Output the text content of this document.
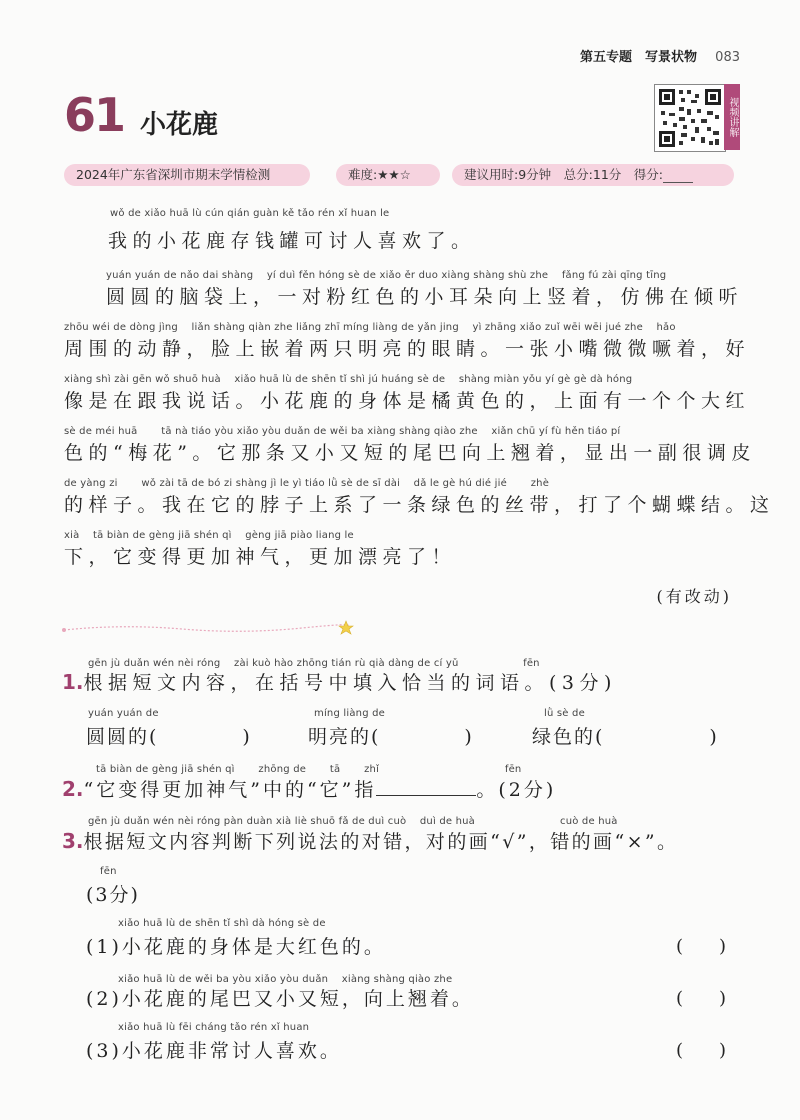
第五专题　写景状物 083
61 小花鹿	视频讲解
2024年广东省深圳市期末学情检测	难度:★★☆	建议用时:9分钟　总分:11分　得分:
wǒ de xiǎo huā lù cún qián guàn kě tǎo rén xǐ huan le
我的小花鹿存钱罐可讨人喜欢了。
yuán yuán de nǎo dai shàng　 yí duì fěn hóng sè de xiǎo ěr duo xiàng shàng shù zhe　 fǎng fú zài qīng tīng
圆圆的脑袋上，一对粉红色的小耳朵向上竖着，仿佛在倾听
zhōu wéi de dòng jìng　 liǎn shàng qiàn zhe liǎng zhī míng liàng de yǎn jing　 yì zhāng xiǎo zuǐ wēi wēi jué zhe　 hǎo
周围的动静，脸上嵌着两只明亮的眼睛。一张小嘴微微噘着，好
xiàng shì zài gēn wǒ shuō huà　 xiǎo huā lù de shēn tǐ shì jú huáng sè de　 shàng miàn yǒu yí gè gè dà hóng
像是在跟我说话。小花鹿的身体是橘黄色的，上面有一个个大红
sè de méi huā　　 tā nà tiáo yòu xiǎo yòu duǎn de wěi ba xiàng shàng qiào zhe　 xiǎn chū yí fù hěn tiáo pí
色的“梅花”。它那条又小又短的尾巴向上翘着，显出一副很调皮
de yàng zi　　 wǒ zài tā de bó zi shàng jì le yì tiáo lǜ sè de sī dài　 dǎ le gè hú dié jié　　 zhè
的样子。我在它的脖子上系了一条绿色的丝带，打了个蝴蝶结。这
xià　 tā biàn de gèng jiā shén qì　 gèng jiā piào liang le
下，它变得更加神气，更加漂亮了！
(有改动)
gēn jù duǎn wén nèi róng　 zài kuò hào zhōng tián rù qià dàng de cí yǔ　　　　　　 fēn
1.根据短文内容，在括号中填入恰当的词语。(3分)
yuán yuán de
圆圆的(　　　　)
míng liàng de
明亮的(　　　　)
lǜ sè de
绿色的(　　　　　)
tā biàn de gèng jiā shén qì　　 zhōng de　　 tā　　 zhǐ　　　　　　　　　　　　 fēn
2.“它变得更加神气”中的“它”指	。(2分)
gēn jù duǎn wén nèi róng pàn duàn xià liè shuō fǎ de duì cuò　 duì de huà　　　　　　　　 cuò de huà
3.根据短文内容判断下列说法的对错，对的画“√”，错的画“×”。
fēn
(3分)
xiǎo huā lù de shēn tǐ shì dà hóng sè de
(1)小花鹿的身体是大红色的。	(　　)
xiǎo huā lù de wěi ba yòu xiǎo yòu duǎn　 xiàng shàng qiào zhe
(2)小花鹿的尾巴又小又短，向上翘着。	(　　)
xiǎo huā lù fēi cháng tǎo rén xǐ huan
(3)小花鹿非常讨人喜欢。	(　　)
